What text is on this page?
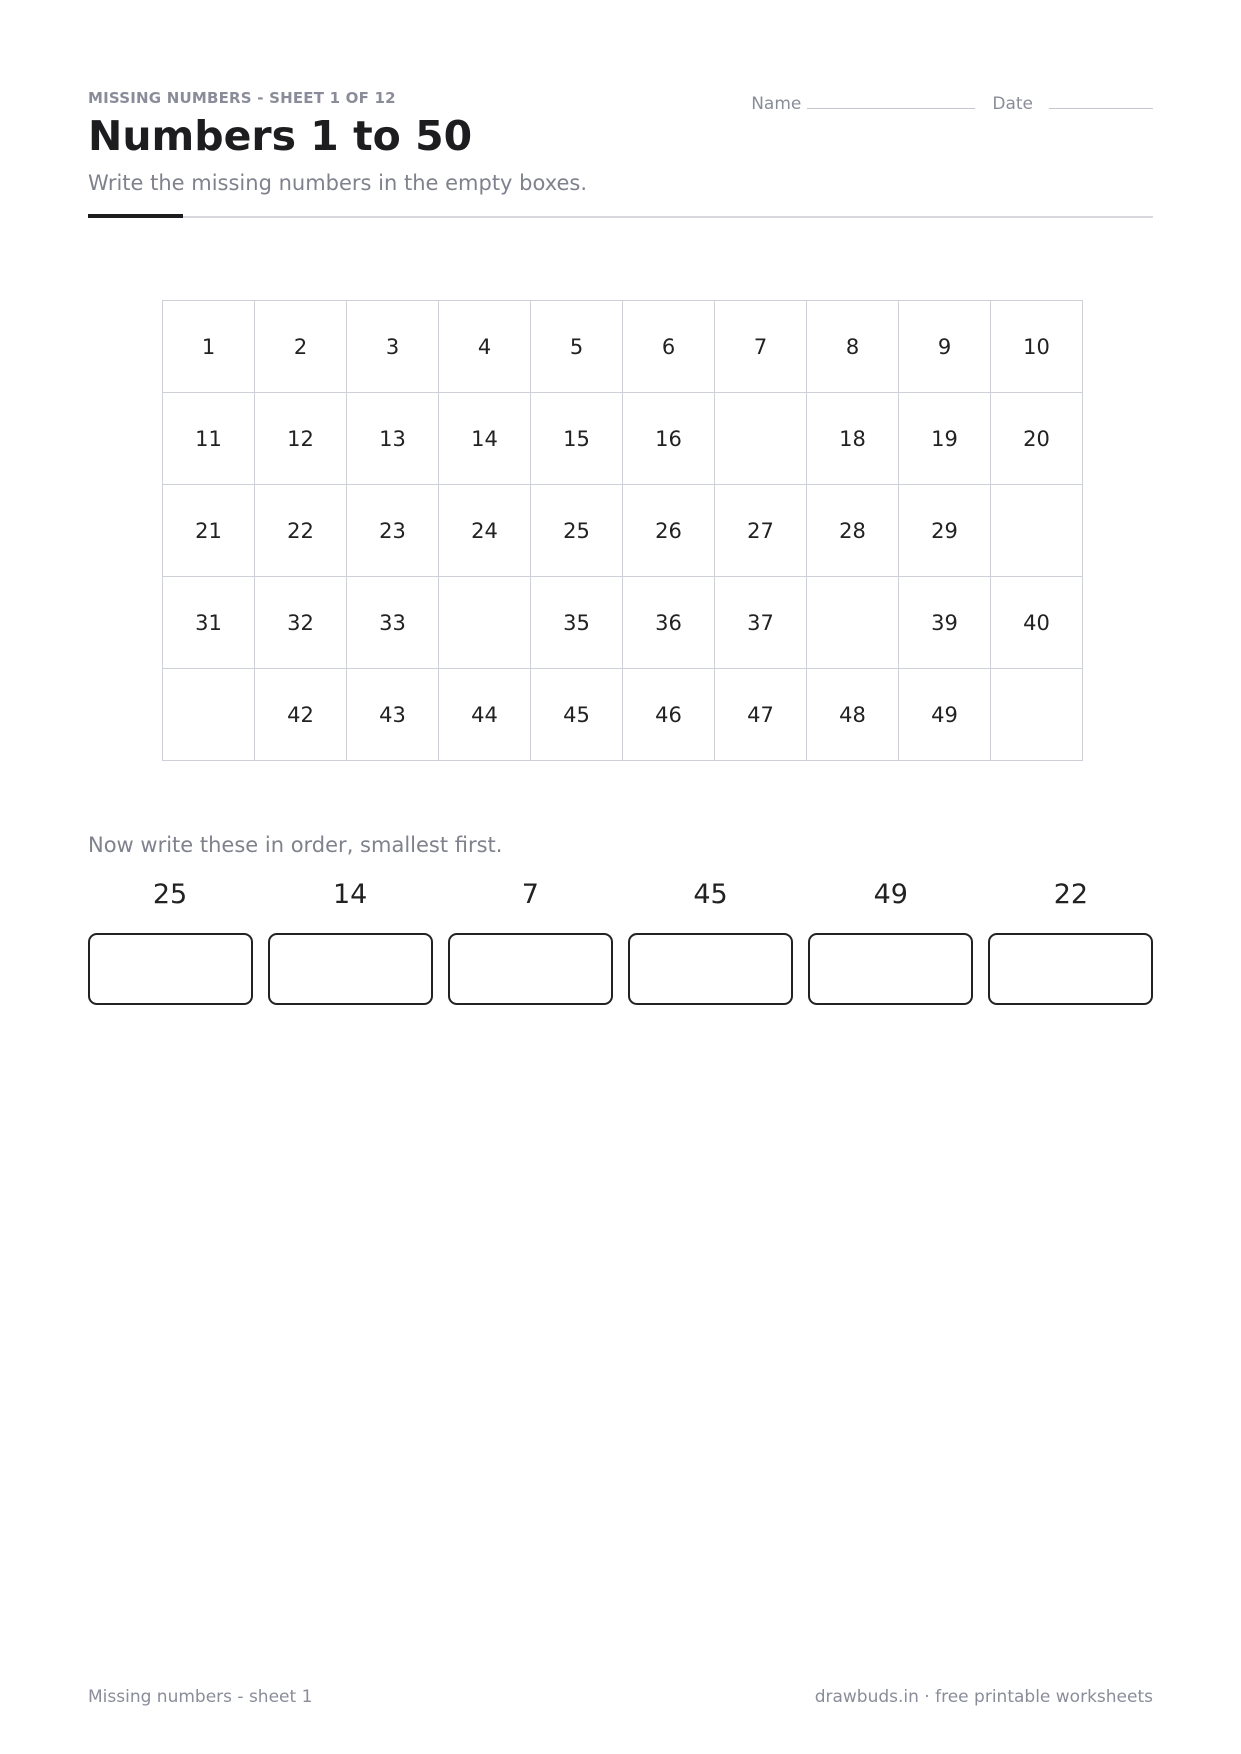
MISSING NUMBERS - SHEET 1 OF 12	Name	Date
Numbers 1 to 50
Write the missing numbers in the empty boxes.
1	2	3	4	5	6	7	8	9	10
11	12	13	14	15	16		18	19	20
21	22	23	24	25	26	27	28	29	
31	32	33		35	36	37		39	40
	42	43	44	45	46	47	48	49	
Now write these in order, smallest first.
25	14	7	45	49	22
Missing numbers - sheet 1	drawbuds.in · free printable worksheets
